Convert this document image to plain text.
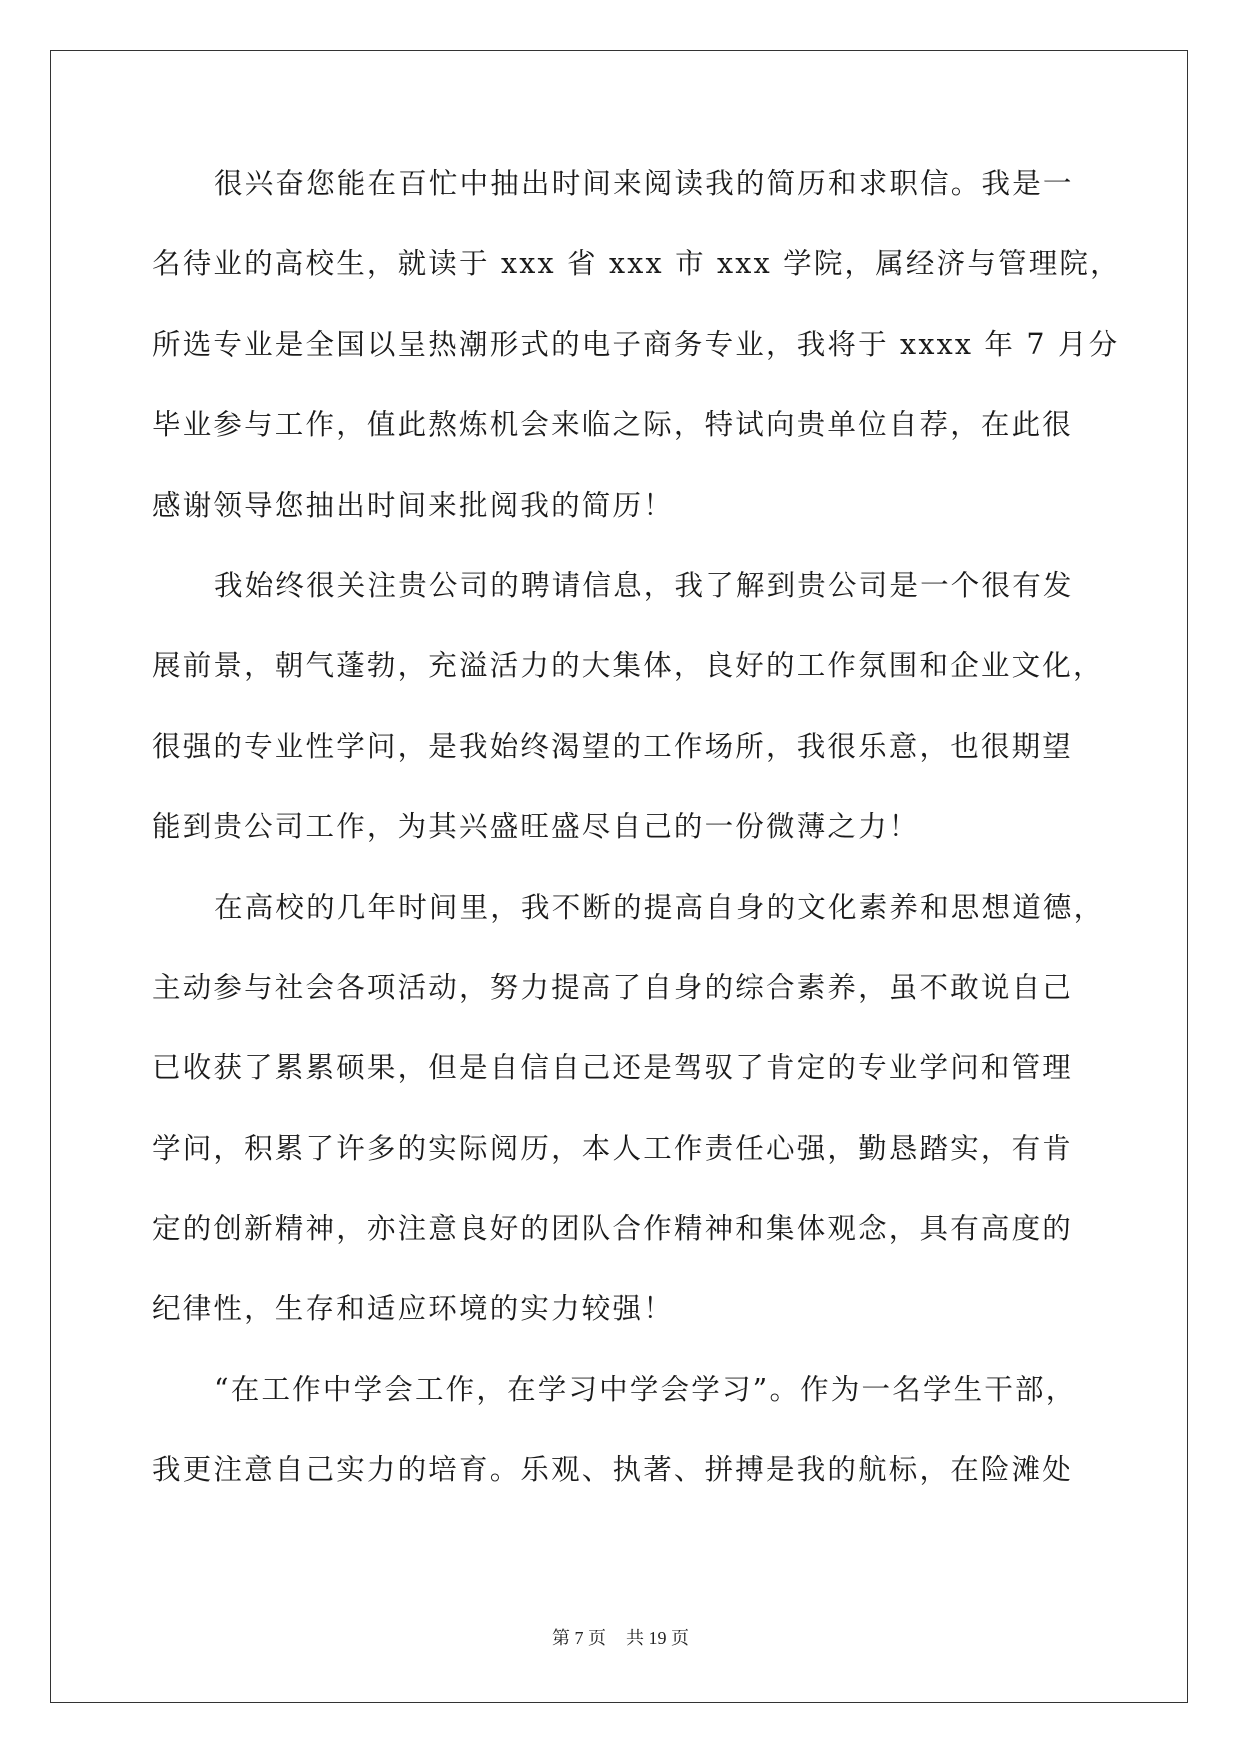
很兴奋您能在百忙中抽出时间来阅读我的简历和求职信。我是一
名待业的高校生，就读于 xxx 省 xxx 市 xxx 学院，属经济与管理院，
所选专业是全国以呈热潮形式的电子商务专业，我将于 xxxx 年 7 月分
毕业参与工作，值此熬炼机会来临之际，特试向贵单位自荐，在此很
感谢领导您抽出时间来批阅我的简历！
我始终很关注贵公司的聘请信息，我了解到贵公司是一个很有发
展前景，朝气蓬勃，充溢活力的大集体，良好的工作氛围和企业文化，
很强的专业性学问，是我始终渴望的工作场所，我很乐意，也很期望
能到贵公司工作，为其兴盛旺盛尽自己的一份微薄之力！
在高校的几年时间里，我不断的提高自身的文化素养和思想道德，
主动参与社会各项活动，努力提高了自身的综合素养，虽不敢说自己
已收获了累累硕果，但是自信自己还是驾驭了肯定的专业学问和管理
学问，积累了许多的实际阅历，本人工作责任心强，勤恳踏实，有肯
定的创新精神，亦注意良好的团队合作精神和集体观念，具有高度的
纪律性，生存和适应环境的实力较强！
“在工作中学会工作，在学习中学会学习”。作为一名学生干部，
我更注意自己实力的培育。乐观、执著、拼搏是我的航标，在险滩处
第 7 页 共 19 页
